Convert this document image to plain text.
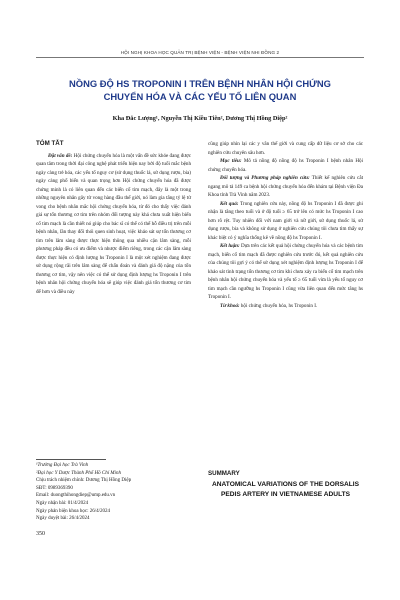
HỘI NGHỊ KHOA HỌC QUẢN TRỊ BỆNH VIỆN - BỆNH VIỆN NHI ĐỒNG 2
NỒNG ĐỘ HS TROPONIN I TRÊN BỆNH NHÂN HỘI CHỨNG CHUYỂN HÓA VÀ CÁC YẾU TỐ LIÊN QUAN
Kha Đắc Lượng¹, Nguyễn Thị Kiều Tiên², Dương Thị Hồng Diệp²
TÓM TẮT

Đặt vấn đề: Hội chứng chuyển hóa là một vấn đề sức khỏe đang được quan tâm trong thời đại công nghệ phát triển hiện nay bởi độ tuổi mắc bệnh ngày càng trẻ hóa, các yếu tố nguy cơ (sử dụng thuốc lá, sử dụng rượu, bia) ngày càng phổ biến và quan trọng hơn Hội chứng chuyển hóa đã được chứng minh là có liên quan đến các biến cố tim mạch, đây là một trong những nguyên nhân gây tử vong hàng đầu thế giới, nó làm gia tăng tỷ lệ tử vong cho bệnh nhân mắc hội chứng chuyển hóa, từ đó cho thấy việc đánh giá sự tổn thương cơ tim trên nhóm đối tượng này khá chưa xuất hiện biến cố tim mạch là cần thiết nó giúp cho bác sĩ có thể có thể hỗ điều trị trên mỗi bệnh nhân, lần thay đổi thói quen sinh hoạt, việc khảo sát sự tổn thương cơ tim trên lâm sàng được thực hiện thông qua nhiều cận lâm sàng, mỗi phương pháp đều có ưu điểm và nhược điểm riêng, trong các cận lâm sàng được thực hiện có định lượng hs Troponin I là một xét nghiệm đang được sử dụng rộng rãi trên lâm sàng để chẩn đoán và đánh giá độ nặng của tổn thương cơ tim, vậy nên việc có thể sử dụng định lượng hs Troponin I trên bệnh nhân hội chứng chuyển hóa sẽ giúp việc đánh giá tổn thương cơ tim để hơn và điều này

cũng giúp nhìn lại các y văn thế giới và cung cấp dữ liệu cơ sở cho các nghiên cứu chuyên sâu hơn.

Mục tiêu: Mô tả nồng độ nồng độ hs Troponin I bệnh nhân Hội chứng chuyển hóa.

Đối tượng và Phương pháp nghiên cứu: Thiết kế nghiên cứu cắt ngang mô tả 149 ca bệnh hội chứng chuyển hóa đến khám tại Bệnh viện Đa Khoa tỉnh Trà Vinh năm 2023.

Kết quả: Trong nghiên cứu này, nồng độ hs Troponin I đã được ghi nhận là tăng theo tuổi và ở độ tuổi ≥ 65 trở lên có mức hs Troponin I cao hơn rõ rệt. Tuy nhiên đối với nam giới và nữ giới, sử dụng thuốc lá, sử dụng rượu, bia và không sử dụng ở nghiên cứu chúng tôi chưa tìm thấy sự khác biệt có ý nghĩa thống kê về nồng độ hs Troponin I.

Kết luận: Dựa trên các kết quả hội chứng chuyển hóa và các bệnh tim mạch, biến cố tim mạch đã được nghiên cứu trước đó, kết quả nghiên cứu của chúng tôi gợi ý có thể sử dụng xét nghiệm định lượng hs Troponin I để khảo sát tình trạng tổn thương cơ tim khi chưa xảy ra biến cố tim mạch trên bệnh nhân hội chứng chuyển hóa và yếu tố ≥ 65 tuổi vừa là yếu tố nguy cơ tim mạch cần ngưỡng hs Troponin I cũng vừa liên quan đến mức tăng hs Troponin I.

Từ khoá: hội chứng chuyển hóa, hs Troponin I.

¹Trường Đại học Trà Vinh

²Đại học Y Dược Thành Phố Hồ Chí Minh

Chịu trách nhiệm chính: Dương Thị Hồng Diệp

SĐT: 0989369390

Email: duongthihongdiep@ump.edu.vn

Ngày nhận bài: 01/4/2024

Ngày phản biện khoa học: 26/4/2024

Ngày duyệt bài: 26/4/2024

SUMMARY
ANATOMICAL VARIATIONS OF THE DORSALIS PEDIS ARTERY IN VIETNAMESE ADULTS
350
